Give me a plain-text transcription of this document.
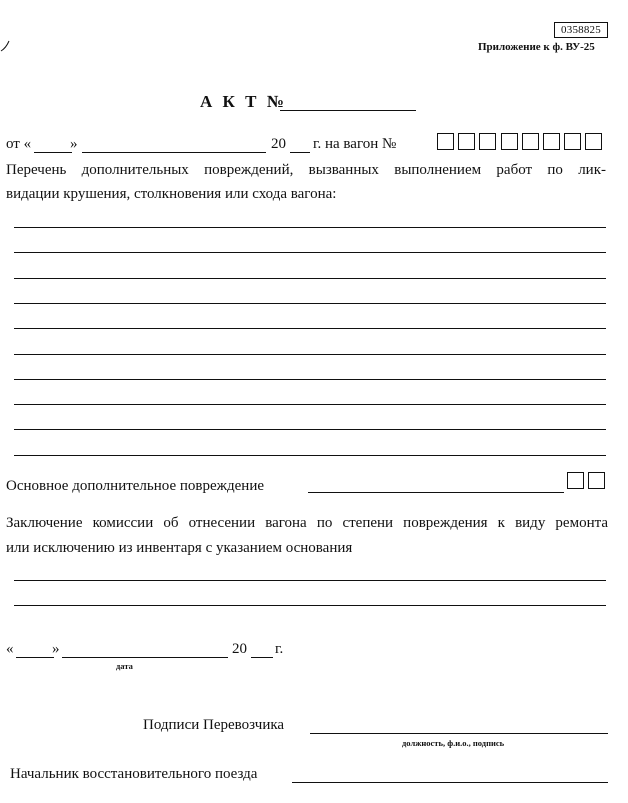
0358825
Приложение к ф. ВУ-25
А К Т №
от «	»	20 г. на вагон №
Перечень дополнительных повреждений, вызванных выполнением работ по лик-
видации крушения, столкновения или схода вагона:
Основное дополнительное повреждение
Заключение комиссии об отнесении вагона по степени повреждения к виду ремонта
или исключению из инвентаря с указанием основания
«	»	20 г.
дата
Подписи Перевозчика
должность, ф.и.о., подпись
Начальник восстановительного поезда
